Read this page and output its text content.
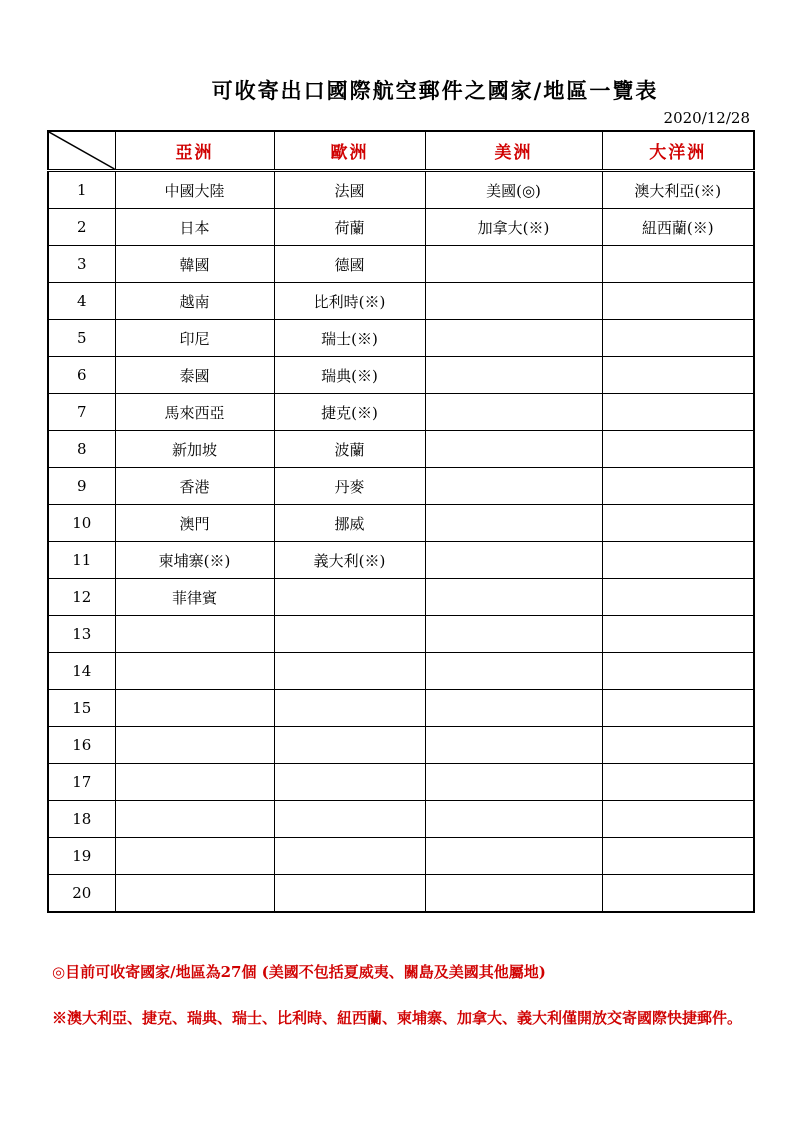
可收寄出口國際航空郵件之國家/地區一覽表
2020/12/28
	亞洲	歐洲	美洲	大洋洲
1	中國大陸	法國	美國(◎)	澳大利亞(※)
2	日本	荷蘭	加拿大(※)	紐西蘭(※)
3	韓國	德國		
4	越南	比利時(※)		
5	印尼	瑞士(※)		
6	泰國	瑞典(※)		
7	馬來西亞	捷克(※)		
8	新加坡	波蘭		
9	香港	丹麥		
10	澳門	挪威		
11	柬埔寨(※)	義大利(※)		
12	菲律賓			
13				
14				
15				
16				
17				
18				
19				
20				
◎目前可收寄國家/地區為27個 (美國不包括夏威夷、關島及美國其他屬地)
※澳大利亞、捷克、瑞典、瑞士、比利時、紐西蘭、柬埔寨、加拿大、義大利僅開放交寄國際快捷郵件。
